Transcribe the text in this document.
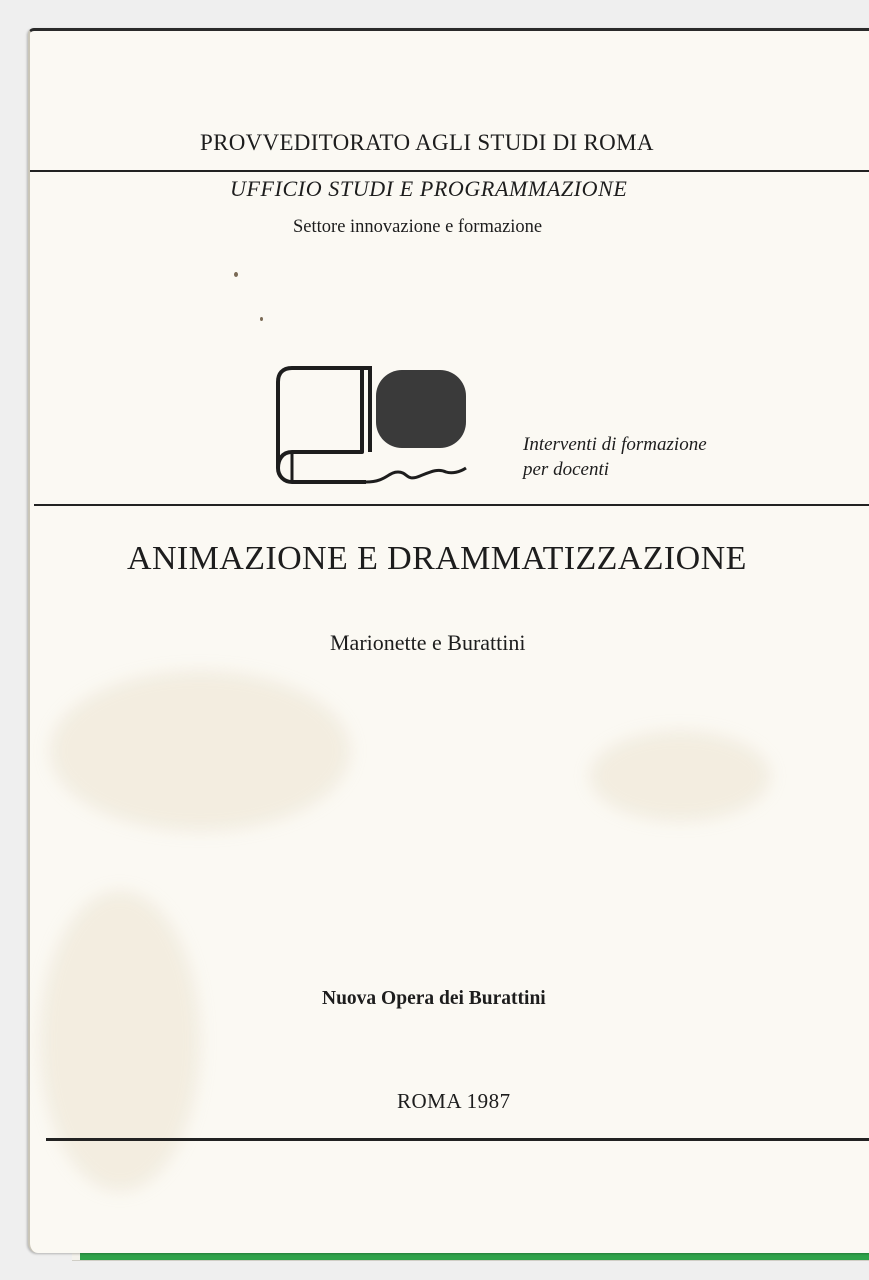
PROVVEDITORATO AGLI STUDI DI ROMA
UFFICIO STUDI E PROGRAMMAZIONE
Settore innovazione e formazione
Interventi di formazione
per docenti
ANIMAZIONE E DRAMMATIZZAZIONE
Marionette e Burattini
Nuova Opera dei Burattini
ROMA 1987
